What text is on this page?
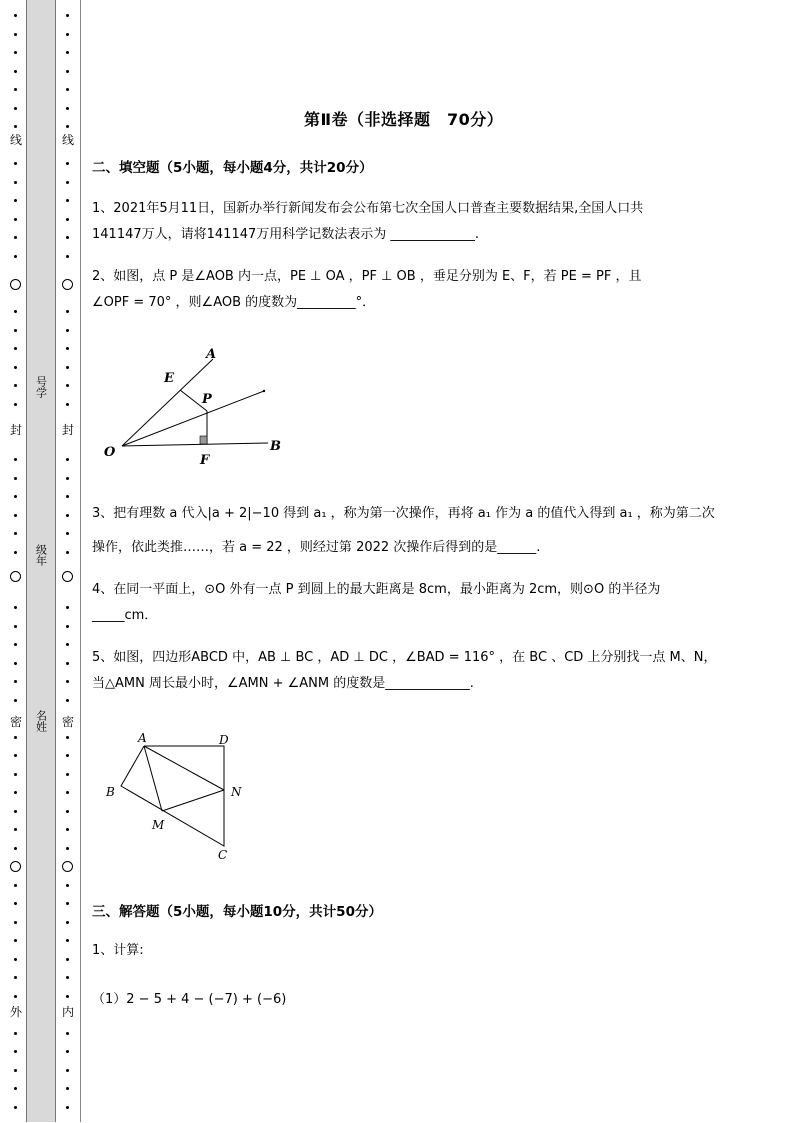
线
封
密
外
线
封
密
内
号学
级年
名姓
第Ⅱ卷（非选择题　70分）
二、填空题（5小题，每小题4分，共计20分）
1、2021年5月11日，国新办举行新闻发布会公布第七次全国人口普查主要数据结果,全国人口共
141147万人，请将141147万用科学记数法表示为 _____________.
2、如图，点 P 是∠AOB 内一点，PE ⊥ OA ，PF ⊥ OB ，垂足分别为 E、F，若 PE = PF ，且
∠OPF = 70° ，则∠AOB 的度数为_________°．
3、把有理数 a 代入|a + 2|−10 得到 a₁ ，称为第一次操作，再将 a₁ 作为 a 的值代入得到 a₁ ，称为第二次
操作，依此类推……，若 a = 22 ，则经过第 2022 次操作后得到的是______.
4、在同一平面上，⊙O 外有一点 P 到圆上的最大距离是 8cm，最小距离为 2cm，则⊙O 的半径为
_____cm．
5、如图，四边形ABCD 中，AB ⊥ BC ，AD ⊥ DC ，∠BAD = 116° ，在 BC 、CD 上分别找一点 M、N，
当△AMN 周长最小时，∠AMN + ∠ANM 的度数是_____________.
三、解答题（5小题，每小题10分，共计50分）
1、计算:
（1）2 − 5 + 4 − (−7) + (−6)
A
E
P
O
F
B
A	D
B	N
M
C
